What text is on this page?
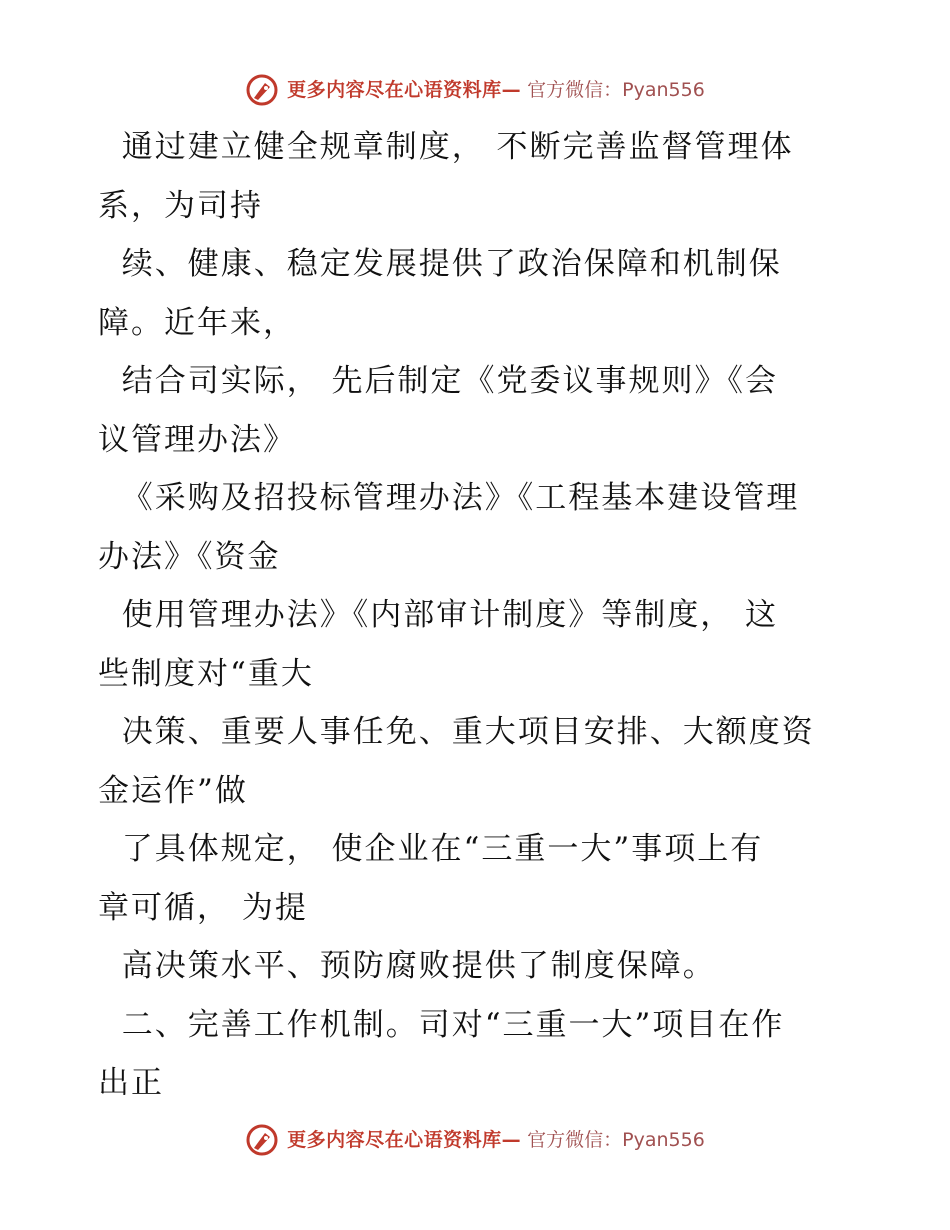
更多内容尽在心语资料库— 官方微信：Pyan556
通过建立健全规章制度， 不断完善监督管理体
系，为司持
续、健康、稳定发展提供了政治保障和机制保
障。近年来，
结合司实际， 先后制定《党委议事规则》《会
议管理办法》
《采购及招投标管理办法》《工程基本建设管理
办法》《资金
使用管理办法》《内部审计制度》等制度， 这
些制度对“重大
决策、重要人事任免、重大项目安排、大额度资
金运作”做
了具体规定， 使企业在“三重一大”事项上有
章可循， 为提
高决策水平、预防腐败提供了制度保障。
二、完善工作机制。司对“三重一大”项目在作
出正
更多内容尽在心语资料库— 官方微信：Pyan556
